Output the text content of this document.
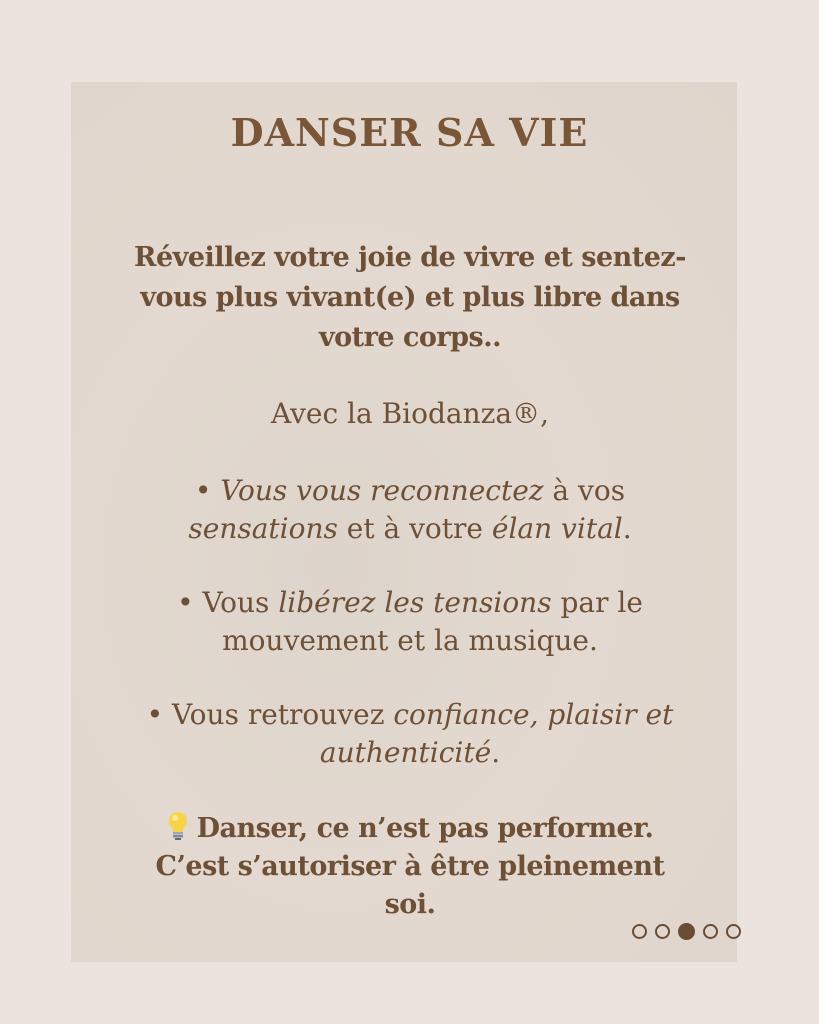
DANSER SA VIE

Réveillez votre joie de vivre et sentez-vous plus vivant(e) et plus libre dans votre corps..

Avec la Biodanza®,

• Vous vous reconnectez à vos sensations et à votre élan vital.

• Vous libérez les tensions par le mouvement et la musique.

• Vous retrouvez confiance, plaisir et authenticité.

Danser, ce n’est pas performer. C’est s’autoriser à être pleinement soi.
